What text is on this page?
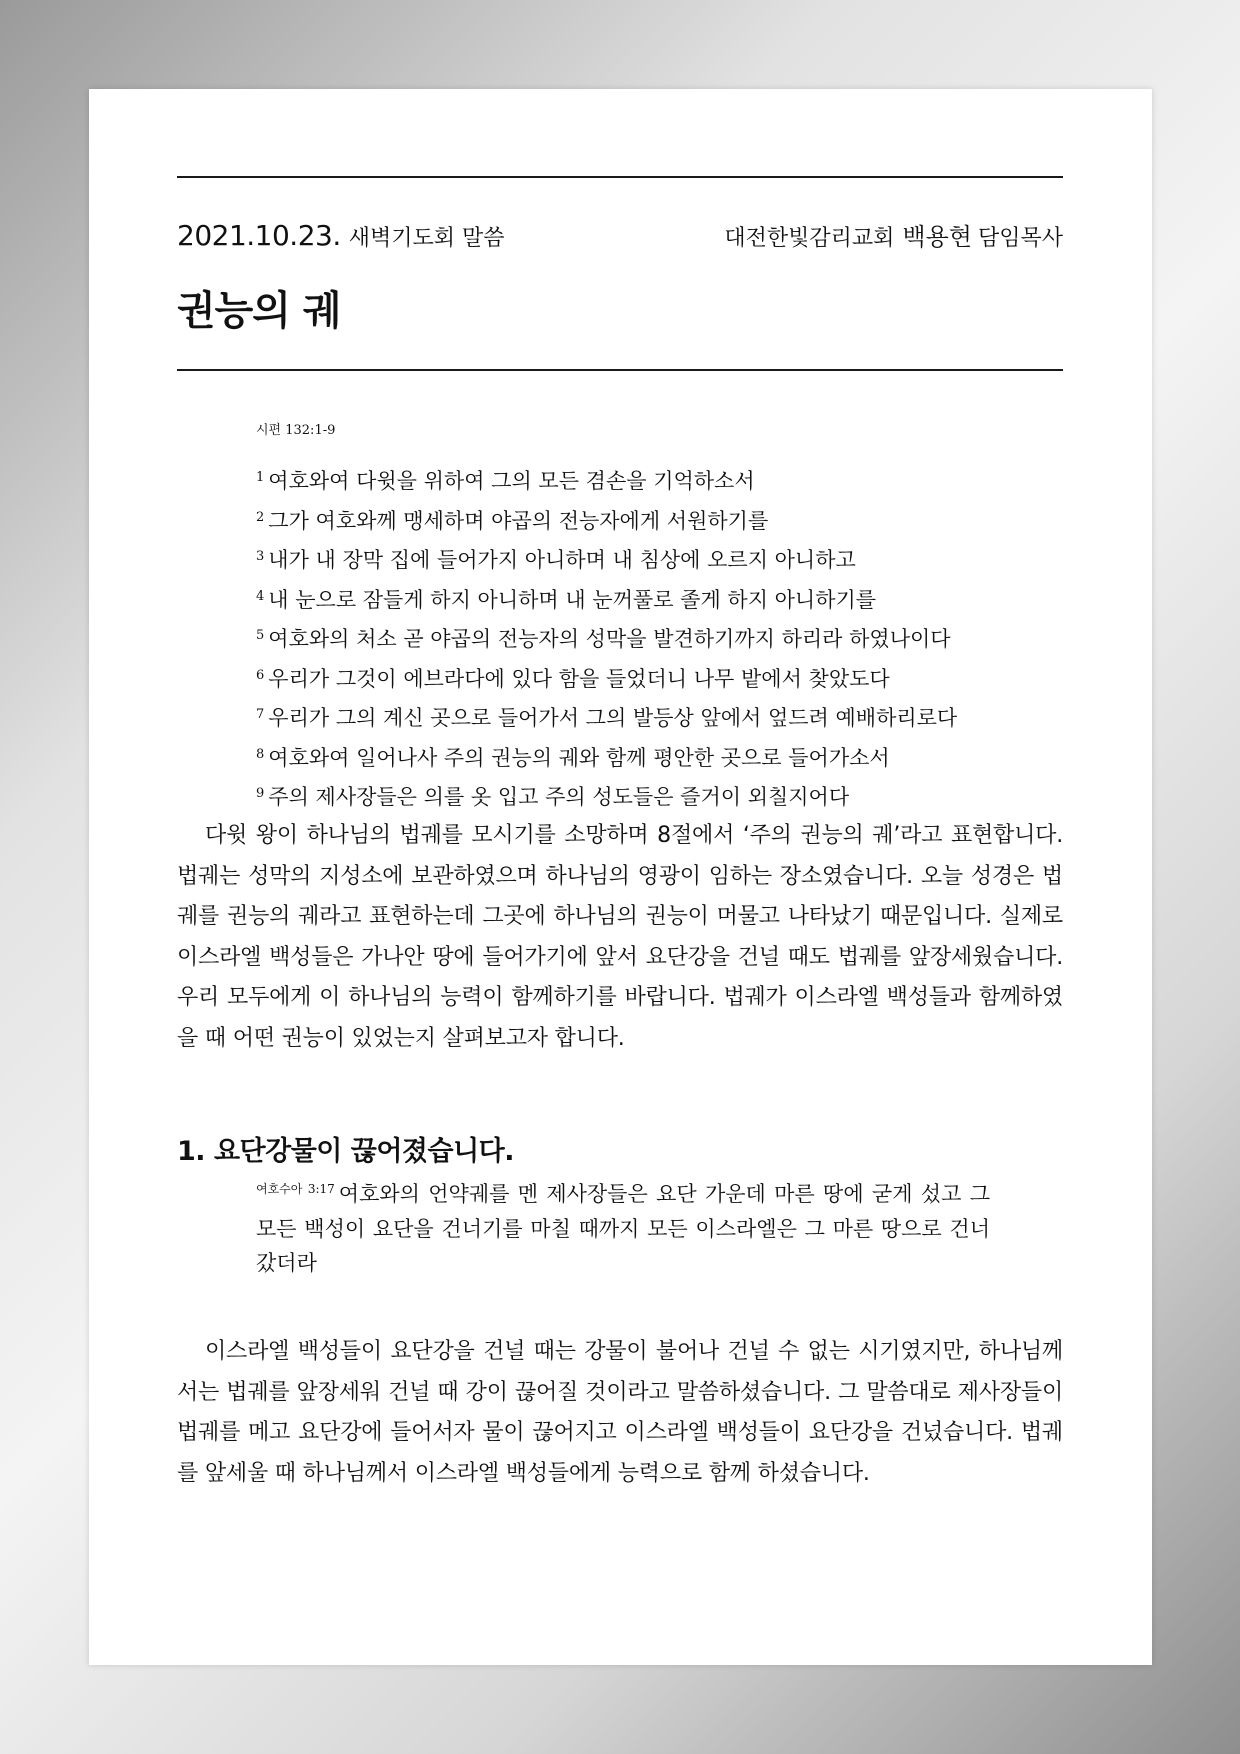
2021.10.23. 새벽기도회 말씀	대전한빛감리교회 백용현 담임목사
권능의 궤
시편 132:1-9
$^1$ 여호와여 다윗을 위하여 그의 모든 겸손을 기억하소서
$^2$ 그가 여호와께 맹세하며 야곱의 전능자에게 서원하기를
$^3$ 내가 내 장막 집에 들어가지 아니하며 내 침상에 오르지 아니하고
$^4$ 내 눈으로 잠들게 하지 아니하며 내 눈꺼풀로 졸게 하지 아니하기를
$^5$ 여호와의 처소 곧 야곱의 전능자의 성막을 발견하기까지 하리라 하였나이다
$^6$ 우리가 그것이 에브라다에 있다 함을 들었더니 나무 밭에서 찾았도다
$^7$ 우리가 그의 계신 곳으로 들어가서 그의 발등상 앞에서 엎드려 예배하리로다
$^8$ 여호와여 일어나사 주의 권능의 궤와 함께 평안한 곳으로 들어가소서
$^9$ 주의 제사장들은 의를 옷 입고 주의 성도들은 즐거이 외칠지어다

다윗 왕이 하나님의 법궤를 모시기를 소망하며 8절에서 ‘주의 권능의 궤’라고 표현합니다. 법궤는 성막의 지성소에 보관하였으며 하나님의 영광이 임하는 장소였습니다. 오늘 성경은 법궤를 권능의 궤라고 표현하는데 그곳에 하나님의 권능이 머물고 나타났기 때문입니다. 실제로 이스라엘 백성들은 가나안 땅에 들어가기에 앞서 요단강을 건널 때도 법궤를 앞장세웠습니다. 우리 모두에게 이 하나님의 능력이 함께하기를 바랍니다. 법궤가 이스라엘 백성들과 함께하였을 때 어떤 권능이 있었는지 살펴보고자 합니다.

1. 요단강물이 끊어졌습니다.

$^{여호수아 3:17}$ 여호와의 언약궤를 멘 제사장들은 요단 가운데 마른 땅에 굳게 섰고 그 모든 백성이 요단을 건너기를 마칠 때까지 모든 이스라엘은 그 마른 땅으로 건너갔더라

이스라엘 백성들이 요단강을 건널 때는 강물이 불어나 건널 수 없는 시기였지만, 하나님께서는 법궤를 앞장세워 건널 때 강이 끊어질 것이라고 말씀하셨습니다. 그 말씀대로 제사장들이 법궤를 메고 요단강에 들어서자 물이 끊어지고 이스라엘 백성들이 요단강을 건넜습니다. 법궤를 앞세울 때 하나님께서 이스라엘 백성들에게 능력으로 함께 하셨습니다.
